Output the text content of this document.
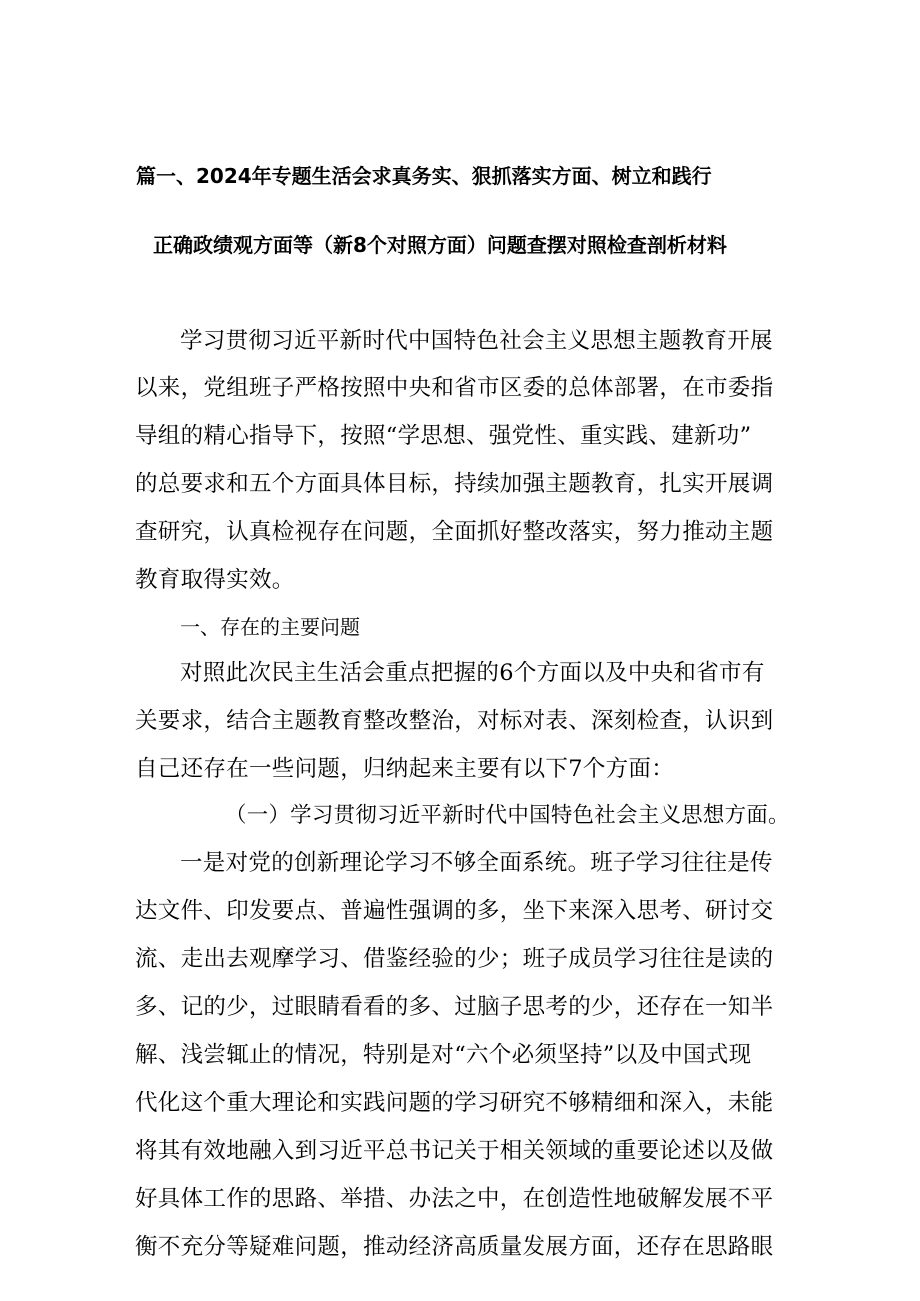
篇一、2024年专题生活会求真务实、狠抓落实方面、树立和践行
正确政绩观方面等（新8个对照方面）问题查摆对照检查剖析材料
学习贯彻习近平新时代中国特色社会主义思想主题教育开展
以来，党组班子严格按照中央和省市区委的总体部署，在市委指
导组的精心指导下，按照“学思想、强党性、重实践、建新功”
的总要求和五个方面具体目标，持续加强主题教育，扎实开展调
查研究，认真检视存在问题，全面抓好整改落实，努力推动主题
教育取得实效。
一、存在的主要问题
对照此次民主生活会重点把握的6个方面以及中央和省市有
关要求，结合主题教育整改整治，对标对表、深刻检查，认识到
自己还存在一些问题，归纳起来主要有以下7个方面：
（一）学习贯彻习近平新时代中国特色社会主义思想方面。
一是对党的创新理论学习不够全面系统。班子学习往往是传
达文件、印发要点、普遍性强调的多，坐下来深入思考、研讨交
流、走出去观摩学习、借鉴经验的少；班子成员学习往往是读的
多、记的少，过眼睛看看的多、过脑子思考的少，还存在一知半
解、浅尝辄止的情况，特别是对“六个必须坚持”以及中国式现
代化这个重大理论和实践问题的学习研究不够精细和深入，未能
将其有效地融入到习近平总书记关于相关领域的重要论述以及做
好具体工作的思路、举措、办法之中，在创造性地破解发展不平
衡不充分等疑难问题，推动经济高质量发展方面，还存在思路眼
